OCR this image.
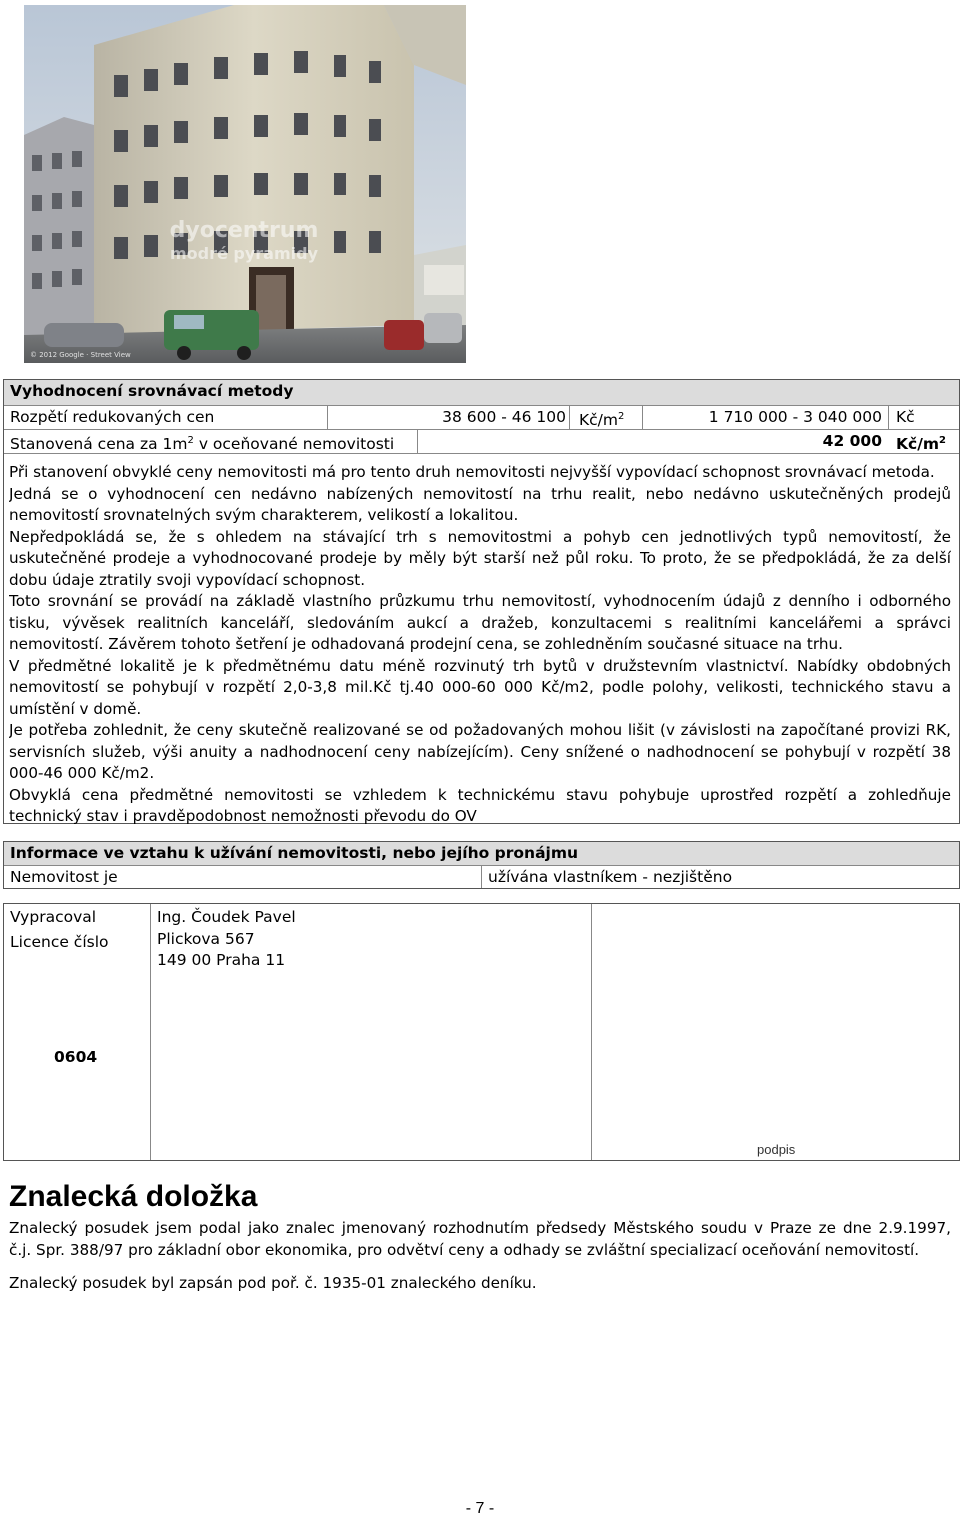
dyocentrum
modré pyramidy
© 2012 Google · Street View
Vyhodnocení srovnávací metody
Rozpětí redukovaných cen	38 600 - 46 100 $Kč/m^2$	1 710 000 - 3 040 000 Kč
Stanovená cena za $1m^2$ v oceňované nemovitosti	42 000 $Kč/m^2$
Při stanovení obvyklé ceny nemovitosti má pro tento druh nemovitosti nejvyšší vypovídací schopnost srovnávací metoda.
Jedná se o vyhodnocení cen nedávno nabízených nemovitostí na trhu realit, nebo nedávno uskutečněných prodejů
nemovitostí srovnatelných svým charakterem, velikostí a lokalitou.
Nepředpokládá se, že s ohledem na stávající trh s nemovitostmi a pohyb cen jednotlivých typů nemovitostí, že
uskutečněné prodeje a vyhodnocované prodeje by měly být starší než půl roku. To proto, že se předpokládá, že za delší
dobu údaje ztratily svoji vypovídací schopnost.
Toto srovnání se provádí na základě vlastního průzkumu trhu nemovitostí, vyhodnocením údajů z denního i odborného
tisku, vývěsek realitních kanceláří, sledováním aukcí a dražeb, konzultacemi s realitními kancelářemi a správci
nemovitostí. Závěrem tohoto šetření je odhadovaná prodejní cena, se zohledněním současné situace na trhu.
V předmětné lokalitě je k předmětnému datu méně rozvinutý trh bytů v družstevním vlastnictví. Nabídky obdobných
nemovitostí se pohybují v rozpětí 2,0-3,8 mil.Kč tj.40 000-60 000 Kč/m2, podle polohy, velikosti, technického stavu a
umístění v domě.
Je potřeba zohlednit, že ceny skutečně realizované se od požadovaných mohou lišit (v závislosti na započítané provizi RK,
servisních služeb, výši anuity a nadhodnocení ceny nabízejícím). Ceny snížené o nadhodnocení se pohybují v rozpětí 38
000-46 000 Kč/m2.
Obvyklá cena předmětné nemovitosti se vzhledem k technickému stavu pohybuje uprostřed rozpětí a zohledňuje
technický stav i pravděpodobnost nemožnosti převodu do OV
Informace ve vztahu k užívání nemovitosti, nebo jejího pronájmu
Nemovitost je	užívána vlastníkem - nezjištěno
Vypracoval
Licence číslo
0604
Ing. Čoudek Pavel
Plickova 567
149 00 Praha 11
podpis
Znalecká doložka
Znalecký posudek jsem podal jako znalec jmenovaný rozhodnutím předsedy Městského soudu v Praze ze dne 2.9.1997,
č.j. Spr. 388/97 pro základní obor ekonomika, pro odvětví ceny a odhady se zvláštní specializací oceňování nemovitostí.
Znalecký posudek byl zapsán pod poř. č. 1935-01 znaleckého deníku.
- 7 -
